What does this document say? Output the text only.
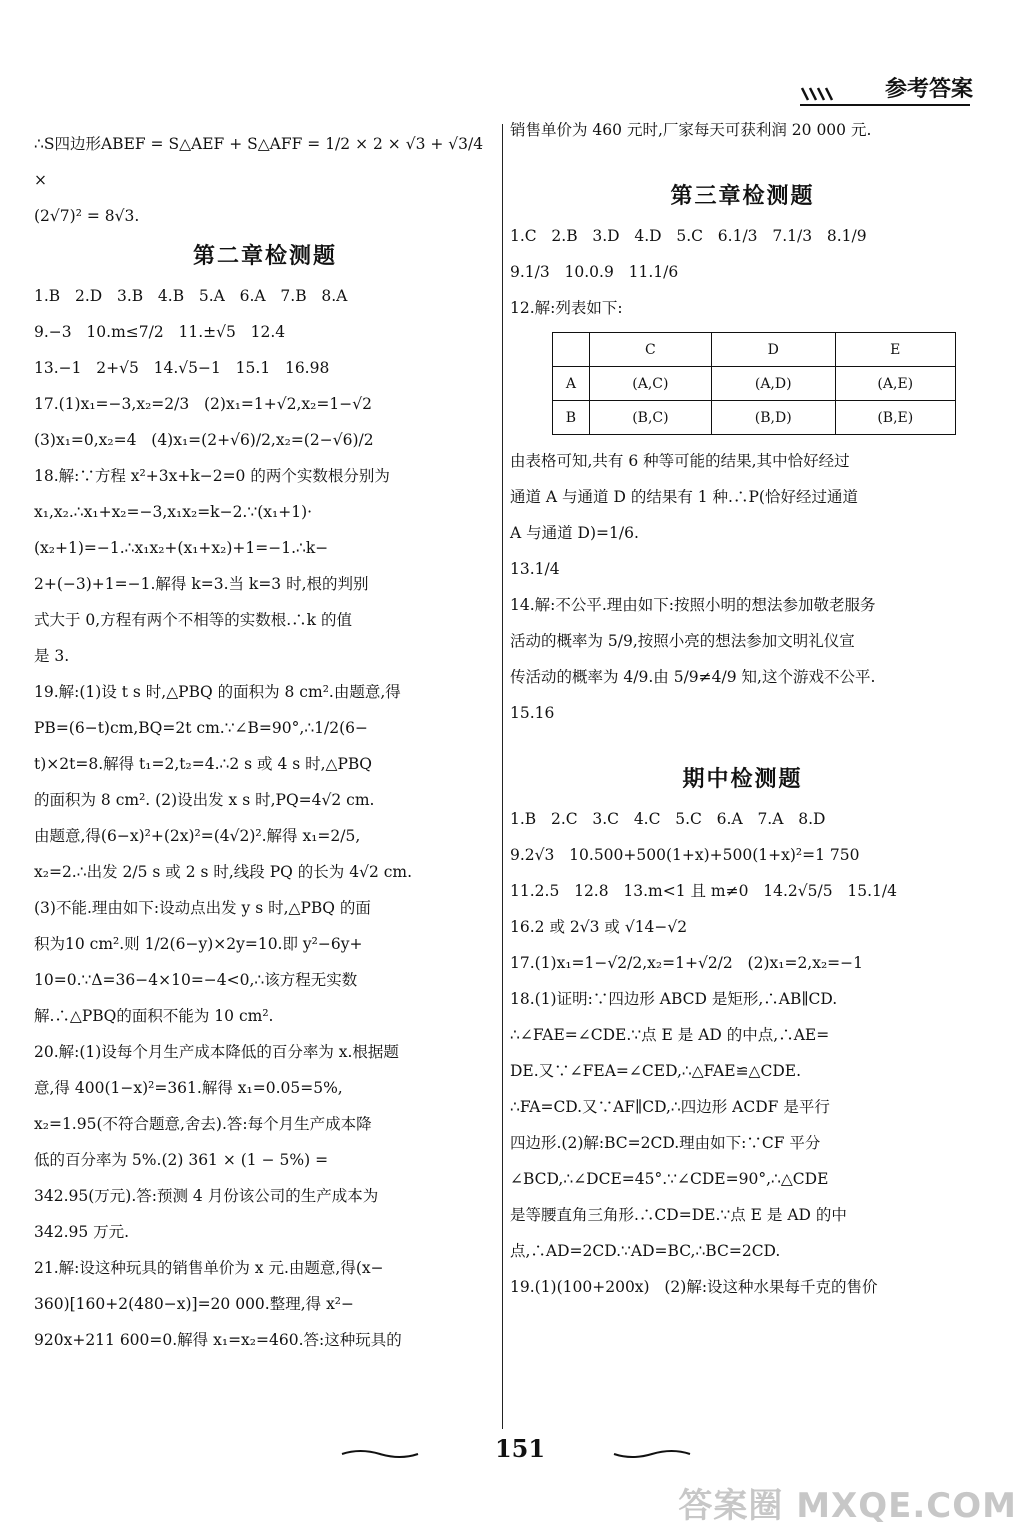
参考答案

∴S四边形ABEF = S△AEF + S△AFF = 1/2 × 2 × √3 + √3/4 ×

(2√7)² = 8√3.

第二章检测题

1.B   2.D   3.B   4.B   5.A   6.A   7.B   8.A

9.−3   10.m≤7/2   11.±√5   12.4

13.−1   2+√5   14.√5−1   15.1   16.98

17.(1)x₁=−3,x₂=2/3   (2)x₁=1+√2,x₂=1−√2

(3)x₁=0,x₂=4   (4)x₁=(2+√6)/2,x₂=(2−√6)/2

18.解:∵方程 x²+3x+k−2=0 的两个实数根分别为

x₁,x₂.∴x₁+x₂=−3,x₁x₂=k−2.∵(x₁+1)·

(x₂+1)=−1.∴x₁x₂+(x₁+x₂)+1=−1.∴k−

2+(−3)+1=−1.解得 k=3.当 k=3 时,根的判别

式大于 0,方程有两个不相等的实数根.∴k 的值

是 3.

19.解:(1)设 t s 时,△PBQ 的面积为 8 cm².由题意,得

PB=(6−t)cm,BQ=2t cm.∵∠B=90°,∴1/2(6−

t)×2t=8.解得 t₁=2,t₂=4.∴2 s 或 4 s 时,△PBQ

的面积为 8 cm². (2)设出发 x s 时,PQ=4√2 cm.

由题意,得(6−x)²+(2x)²=(4√2)².解得 x₁=2/5,

x₂=2.∴出发 2/5 s 或 2 s 时,线段 PQ 的长为 4√2 cm.

(3)不能.理由如下:设动点出发 y s 时,△PBQ 的面

积为10 cm².则 1/2(6−y)×2y=10.即 y²−6y+

10=0.∵Δ=36−4×10=−4<0,∴该方程无实数

解.∴△PBQ的面积不能为 10 cm².

20.解:(1)设每个月生产成本降低的百分率为 x.根据题

意,得 400(1−x)²=361.解得 x₁=0.05=5%,

x₂=1.95(不符合题意,舍去).答:每个月生产成本降

低的百分率为 5%.(2) 361 × (1 − 5%) =

342.95(万元).答:预测 4 月份该公司的生产成本为

342.95 万元.

21.解:设这种玩具的销售单价为 x 元.由题意,得(x−

360)[160+2(480−x)]=20 000.整理,得 x²−

920x+211 600=0.解得 x₁=x₂=460.答:这种玩具的

销售单价为 460 元时,厂家每天可获利润 20 000 元.

第三章检测题

1.C   2.B   3.D   4.D   5.C   6.1/3   7.1/3   8.1/9

9.1/3   10.0.9   11.1/6

12.解:列表如下:

	C	D	E
A	(A,C)	(A,D)	(A,E)
B	(B,C)	(B,D)	(B,E)

由表格可知,共有 6 种等可能的结果,其中恰好经过

通道 A 与通道 D 的结果有 1 种.∴P(恰好经过通道

A 与通道 D)=1/6.

13.1/4

14.解:不公平.理由如下:按照小明的想法参加敬老服务

活动的概率为 5/9,按照小亮的想法参加文明礼仪宣

传活动的概率为 4/9.由 5/9≠4/9 知,这个游戏不公平.

15.16

期中检测题

1.B   2.C   3.C   4.C   5.C   6.A   7.A   8.D

9.2√3   10.500+500(1+x)+500(1+x)²=1 750

11.2.5   12.8   13.m<1 且 m≠0   14.2√5/5   15.1/4

16.2 或 2√3 或 √14−√2

17.(1)x₁=1−√2/2,x₂=1+√2/2   (2)x₁=2,x₂=−1

18.(1)证明:∵四边形 ABCD 是矩形,∴AB∥CD.

∴∠FAE=∠CDE.∵点 E 是 AD 的中点,∴AE=

DE.又∵∠FEA=∠CED,∴△FAE≌△CDE.

∴FA=CD.又∵AF∥CD,∴四边形 ACDF 是平行

四边形.(2)解:BC=2CD.理由如下:∵CF 平分

∠BCD,∴∠DCE=45°.∵∠CDE=90°,∴△CDE

是等腰直角三角形.∴CD=DE.∵点 E 是 AD 的中

点,∴AD=2CD.∵AD=BC,∴BC=2CD.

19.(1)(100+200x)   (2)解:设这种水果每千克的售价

151
答案圈 MXQE.COM
